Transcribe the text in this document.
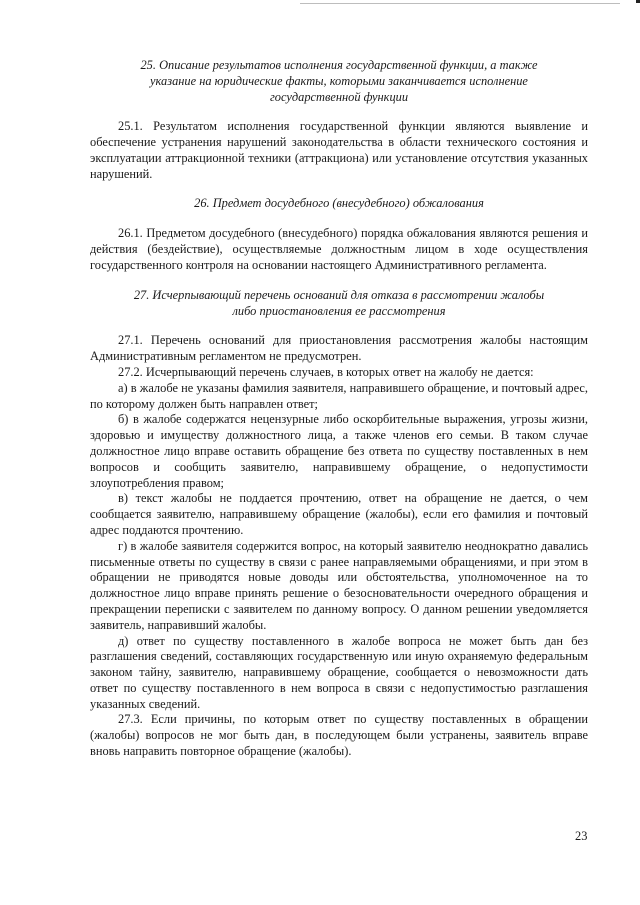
25. Описание результатов исполнения государственной функции, а также указание на юридические факты, которыми заканчивается исполнение государственной функции

25.1. Результатом исполнения государственной функции являются выявление и обеспечение устранения нарушений законодательства в области технического состояния и эксплуатации аттракционной техники (аттракциона) или установление отсутствия указанных нарушений.

26. Предмет досудебного (внесудебного) обжалования

26.1. Предметом досудебного (внесудебного) порядка обжалования являются решения и действия (бездействие), осуществляемые должностным лицом в ходе осуществления государственного контроля на основании настоящего Административного регламента.

27. Исчерпывающий перечень оснований для отказа в рассмотрении жалобы либо приостановления ее рассмотрения

27.1. Перечень оснований для приостановления рассмотрения жалобы настоящим Административным регламентом не предусмотрен.

27.2. Исчерпывающий перечень случаев, в которых ответ на жалобу не дается:

а) в жалобе не указаны фамилия заявителя, направившего обращение, и почтовый адрес, по которому должен быть направлен ответ;

б) в жалобе содержатся нецензурные либо оскорбительные выражения, угрозы жизни, здоровью и имуществу должностного лица, а также членов его семьи. В таком случае должностное лицо вправе оставить обращение без ответа по существу поставленных в нем вопросов и сообщить заявителю, направившему обращение, о недопустимости злоупотребления правом;

в) текст жалобы не поддается прочтению, ответ на обращение не дается, о чем сообщается заявителю, направившему обращение (жалобы), если его фамилия и почтовый адрес поддаются прочтению.

г) в жалобе заявителя содержится вопрос, на который заявителю неоднократно давались письменные ответы по существу в связи с ранее направляемыми обращениями, и при этом в обращении не приводятся новые доводы или обстоятельства, уполномоченное на то должностное лицо вправе принять решение о безосновательности очередного обращения и прекращении переписки с заявителем по данному вопросу. О данном решении уведомляется заявитель, направивший жалобы.

д) ответ по существу поставленного в жалобе вопроса не может быть дан без разглашения сведений, составляющих государственную или иную охраняемую федеральным законом тайну, заявителю, направившему обращение, сообщается о невозможности дать ответ по существу поставленного в нем вопроса в связи с недопустимостью разглашения указанных сведений.

27.3. Если причины, по которым ответ по существу поставленных в обращении (жалобы) вопросов не мог быть дан, в последующем были устранены, заявитель вправе вновь направить повторное обращение (жалобы).

23
